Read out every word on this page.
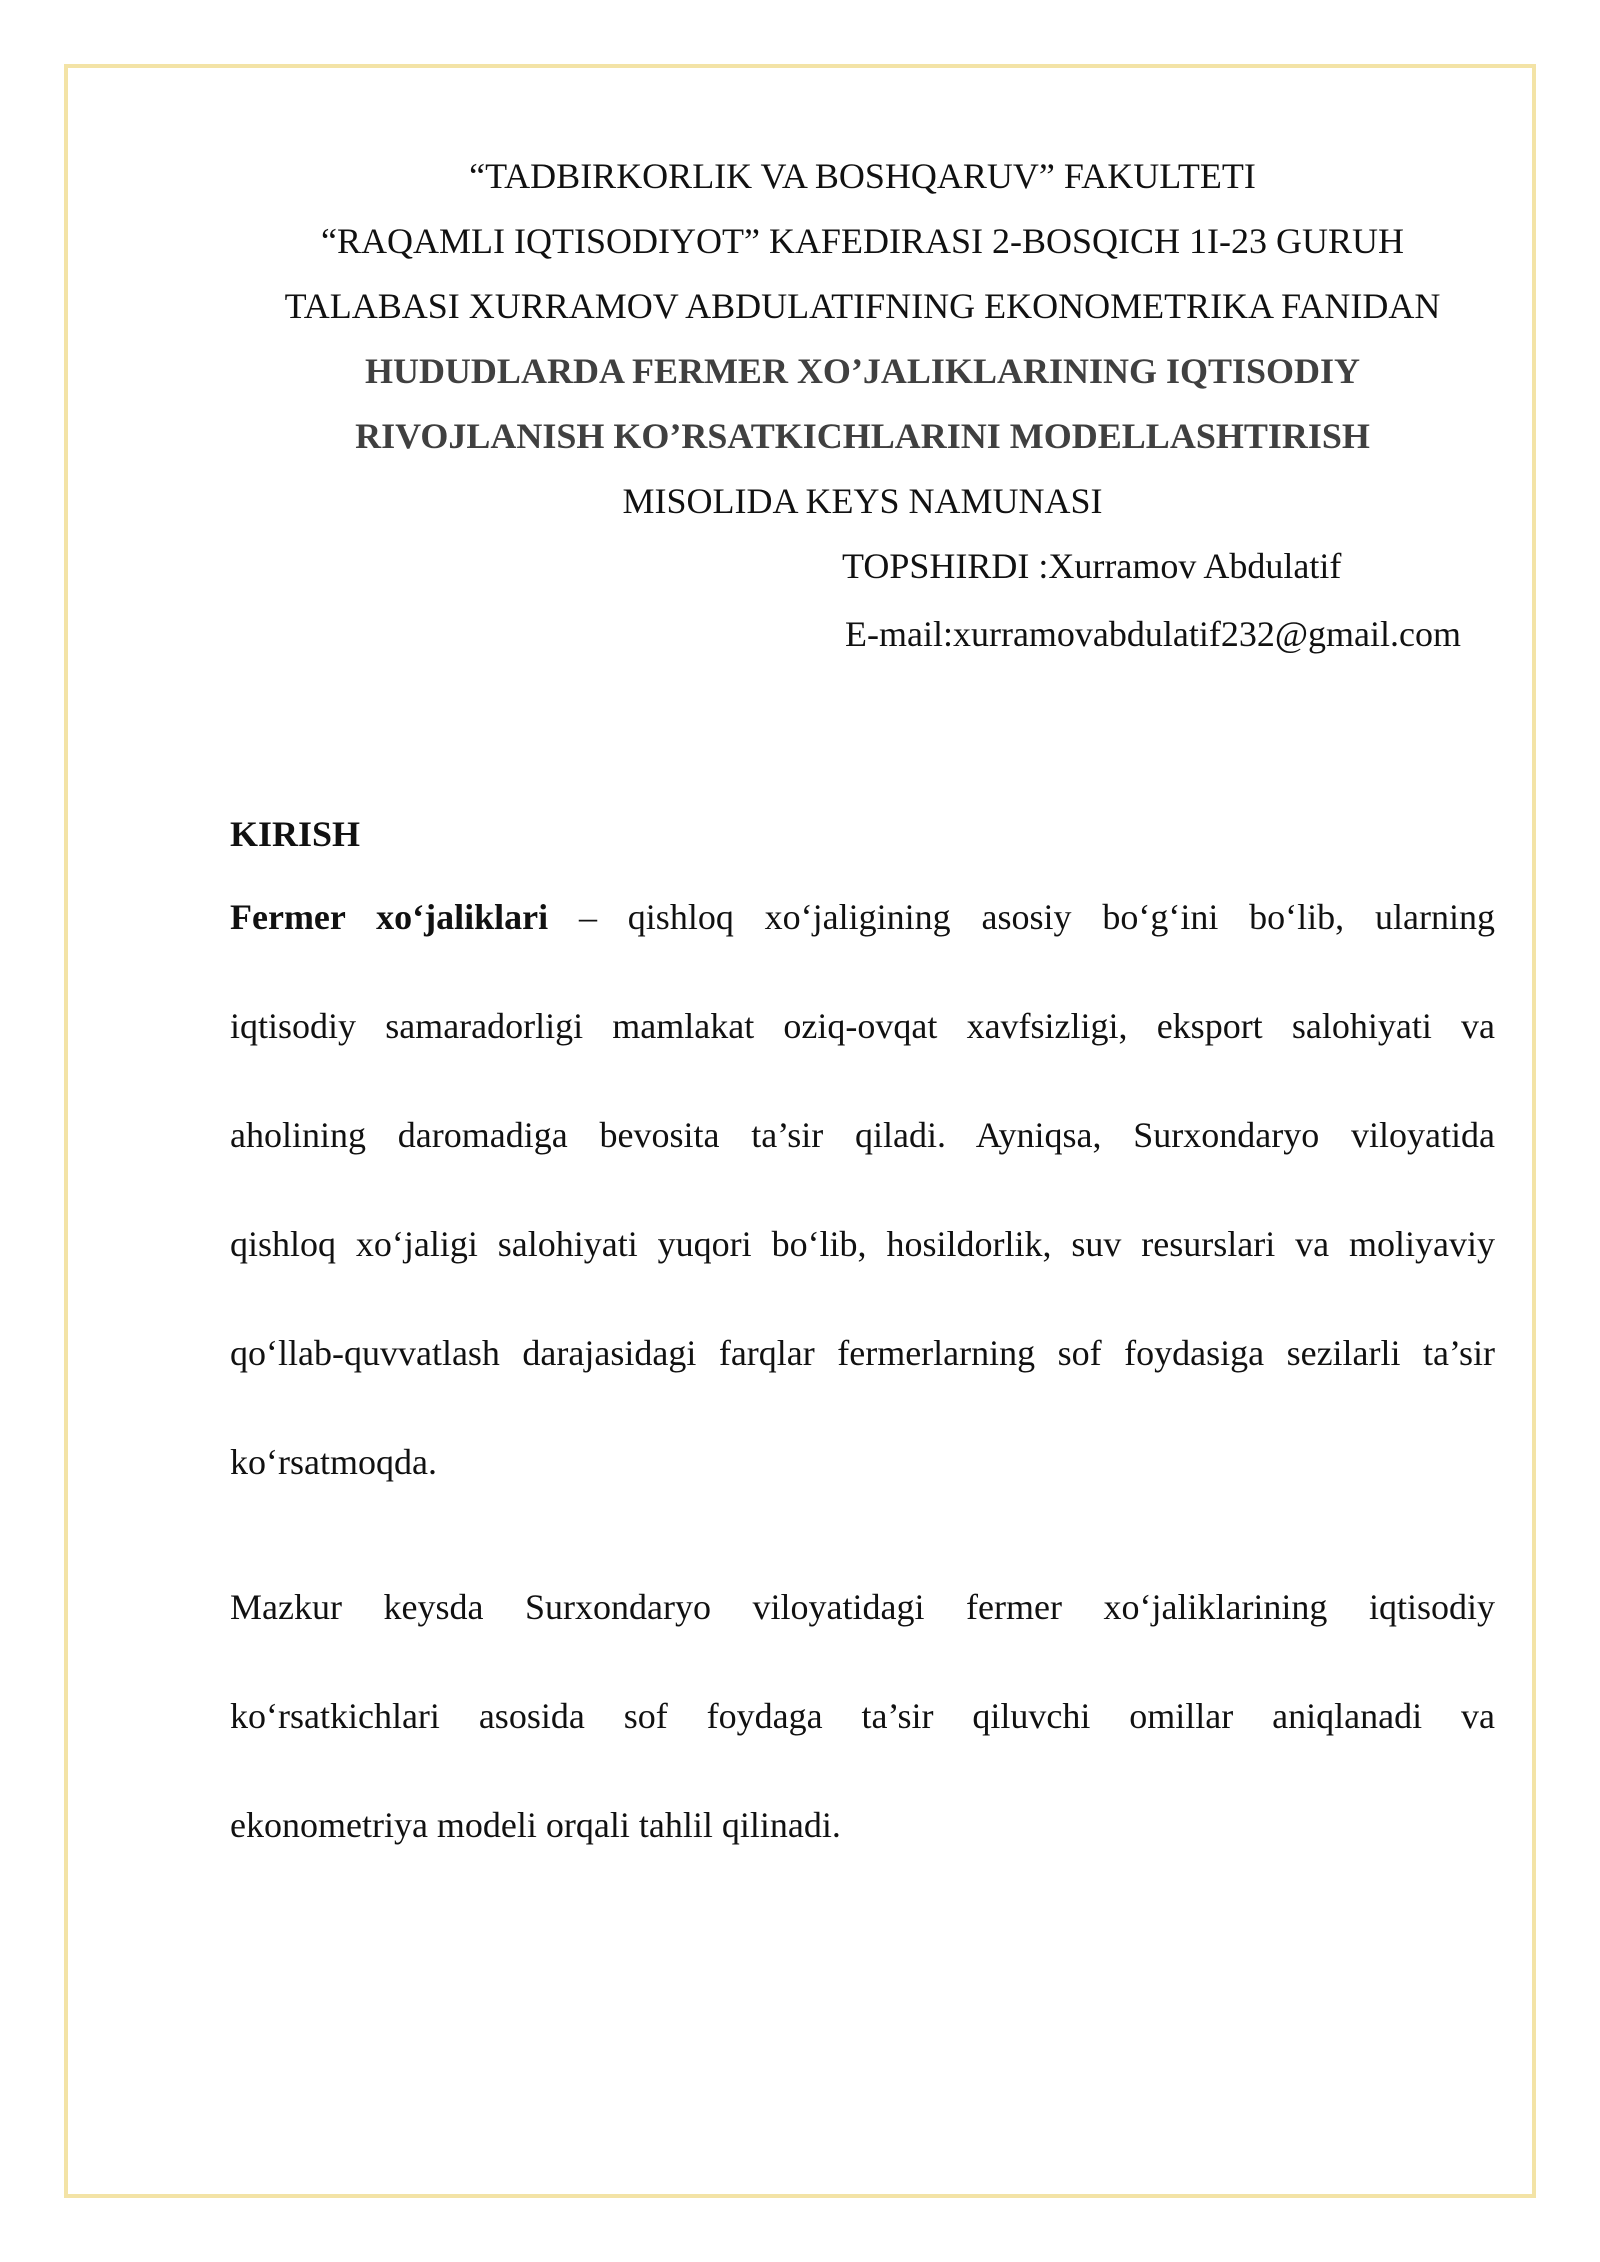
“TADBIRKORLIK VA BOSHQARUV” FAKULTETI
“RAQAMLI IQTISODIYOT” KAFEDIRASI 2-BOSQICH 1I-23 GURUH
TALABASI XURRAMOV ABDULATIFNING EKONOMETRIKA FANIDAN
HUDUDLARDA FERMER XO’JALIKLARINING IQTISODIY
RIVOJLANISH KO’RSATKICHLARINI MODELLASHTIRISH
MISOLIDA KEYS NAMUNASI
TOPSHIRDI :Xurramov Abdulatif
E-mail:xurramovabdulatif232@gmail.com
KIRISH
Fermer xo‘jaliklari – qishloq xo‘jaligining asosiy bo‘g‘ini bo‘lib, ularning
iqtisodiy samaradorligi mamlakat oziq-ovqat xavfsizligi, eksport salohiyati va
aholining daromadiga bevosita ta’sir qiladi. Ayniqsa, Surxondaryo viloyatida
qishloq xo‘jaligi salohiyati yuqori bo‘lib, hosildorlik, suv resurslari va moliyaviy
qo‘llab-quvvatlash darajasidagi farqlar fermerlarning sof foydasiga sezilarli ta’sir
ko‘rsatmoqda.
Mazkur keysda Surxondaryo viloyatidagi fermer xo‘jaliklarining iqtisodiy
ko‘rsatkichlari asosida sof foydaga ta’sir qiluvchi omillar aniqlanadi va
ekonometriya modeli orqali tahlil qilinadi.
